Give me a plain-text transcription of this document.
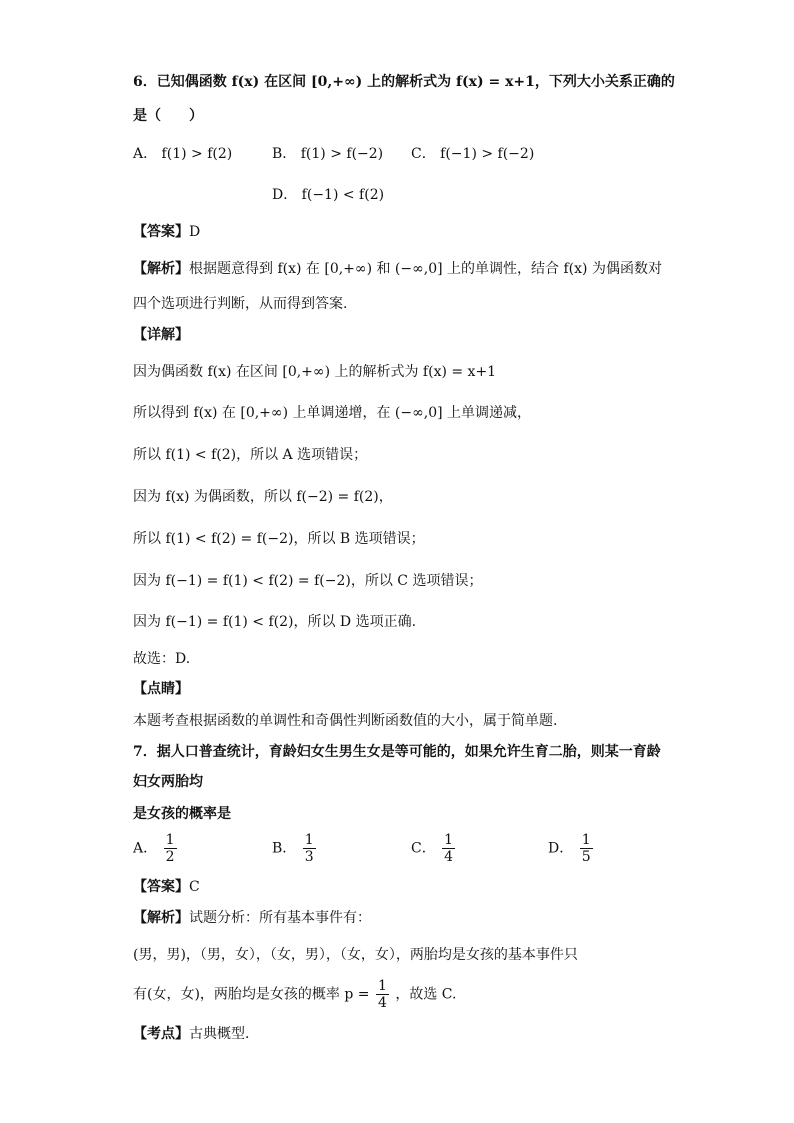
6．已知偶函数 f(x) 在区间 [0,+∞) 上的解析式为 f(x) = x+1，下列大小关系正确的
是（　　）
A． f(1) > f(2)	B． f(1) > f(−2) C． f(−1) > f(−2)
D． f(−1) < f(2)
【答案】D
【解析】根据题意得到 f(x) 在 [0,+∞) 和 (−∞,0] 上的单调性，结合 f(x) 为偶函数对
四个选项进行判断，从而得到答案.
【详解】
因为偶函数 f(x) 在区间 [0,+∞) 上的解析式为 f(x) = x+1
所以得到 f(x) 在 [0,+∞) 上单调递增，在 (−∞,0] 上单调递减，
所以 f(1) < f(2)，所以 A 选项错误；
因为 f(x) 为偶函数，所以 f(−2) = f(2)，
所以 f(1) < f(2) = f(−2)，所以 B 选项错误；
因为 f(−1) = f(1) < f(2) = f(−2)，所以 C 选项错误；
因为 f(−1) = f(1) < f(2)，所以 D 选项正确.
故选：D.
【点睛】
本题考查根据函数的单调性和奇偶性判断函数值的大小，属于简单题.
7．据人口普查统计，育龄妇女生男生女是等可能的，如果允许生育二胎，则某一育龄
妇女两胎均
是女孩的概率是
A． $\frac{1}{2}$	B． $\frac{1}{3}$	C． $\frac{1}{4}$	D． $\frac{1}{5}$
【答案】C
【解析】试题分析：所有基本事件有：
(男，男)，（男，女），（女，男），（女，女），两胎均是女孩的基本事件只
有(女，女)，两胎均是女孩的概率 $p = \frac{1}{4}$ ，故选 C.
【考点】古典概型.
